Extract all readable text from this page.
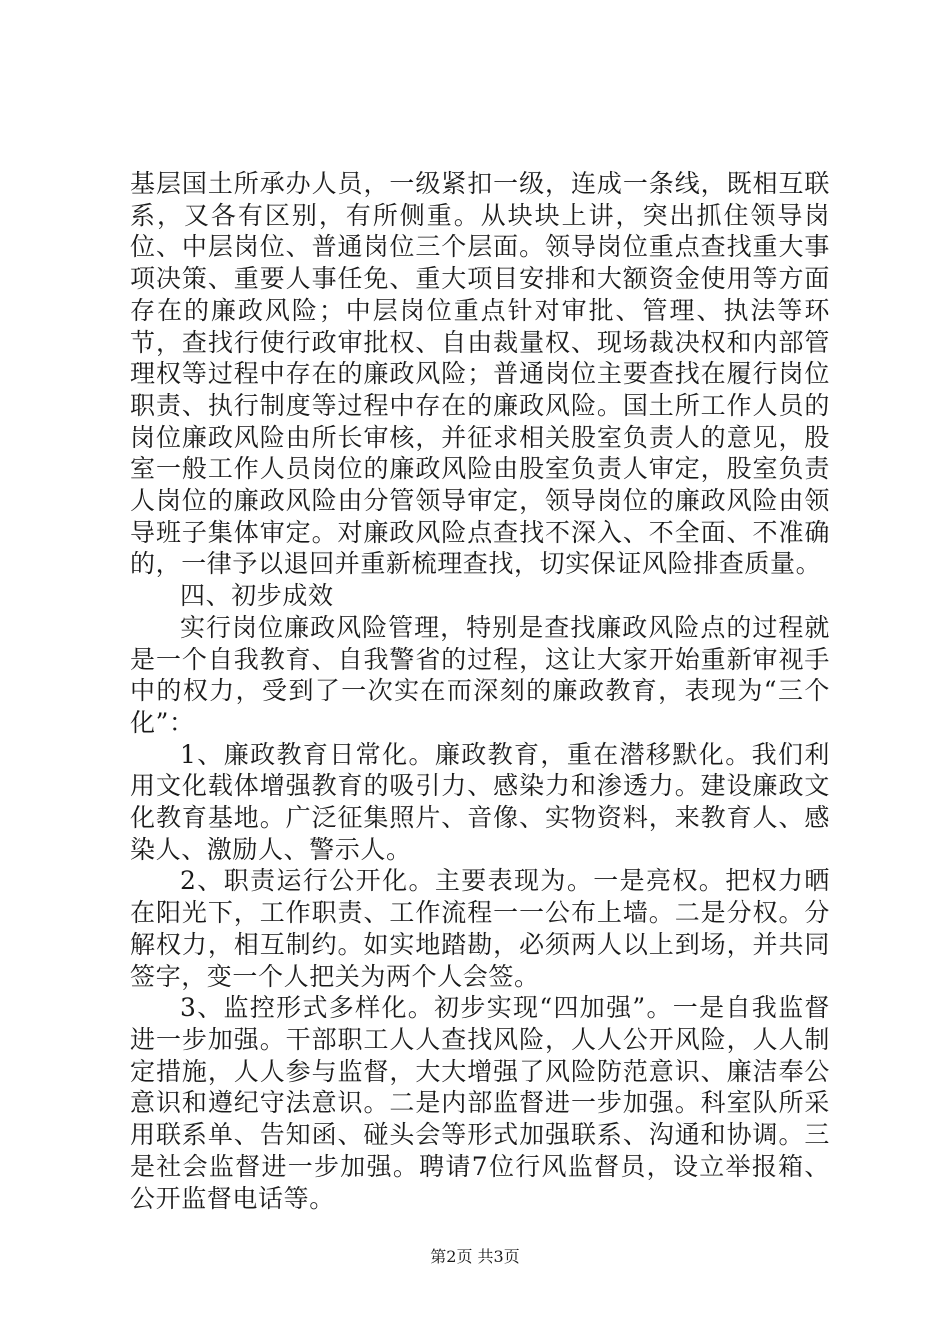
基层国土所承办人员，一级紧扣一级，连成一条线，既相互联系，又各有区别，有所侧重。从块块上讲，突出抓住领导岗位、中层岗位、普通岗位三个层面。领导岗位重点查找重大事项决策、重要人事任免、重大项目安排和大额资金使用等方面存在的廉政风险；中层岗位重点针对审批、管理、执法等环节，查找行使行政审批权、自由裁量权、现场裁决权和内部管理权等过程中存在的廉政风险；普通岗位主要查找在履行岗位职责、执行制度等过程中存在的廉政风险。国土所工作人员的岗位廉政风险由所长审核，并征求相关股室负责人的意见，股室一般工作人员岗位的廉政风险由股室负责人审定，股室负责人岗位的廉政风险由分管领导审定，领导岗位的廉政风险由领导班子集体审定。对廉政风险点查找不深入、不全面、不准确的，一律予以退回并重新梳理查找，切实保证风险排查质量。

四、初步成效

实行岗位廉政风险管理，特别是查找廉政风险点的过程就是一个自我教育、自我警省的过程，这让大家开始重新审视手中的权力，受到了一次实在而深刻的廉政教育，表现为“三个化”：

1、廉政教育日常化。廉政教育，重在潜移默化。我们利用文化载体增强教育的吸引力、感染力和渗透力。建设廉政文化教育基地。广泛征集照片、音像、实物资料，来教育人、感染人、激励人、警示人。

2、职责运行公开化。主要表现为。一是亮权。把权力晒在阳光下，工作职责、工作流程一一公布上墙。二是分权。分解权力，相互制约。如实地踏勘，必须两人以上到场，并共同签字，变一个人把关为两个人会签。

3、监控形式多样化。初步实现“四加强”。一是自我监督进一步加强。干部职工人人查找风险，人人公开风险，人人制定措施，人人参与监督，大大增强了风险防范意识、廉洁奉公意识和遵纪守法意识。二是内部监督进一步加强。科室队所采用联系单、告知函、碰头会等形式加强联系、沟通和协调。三是社会监督进一步加强。聘请7位行风监督员，设立举报箱、公开监督电话等。

第2页 共3页
